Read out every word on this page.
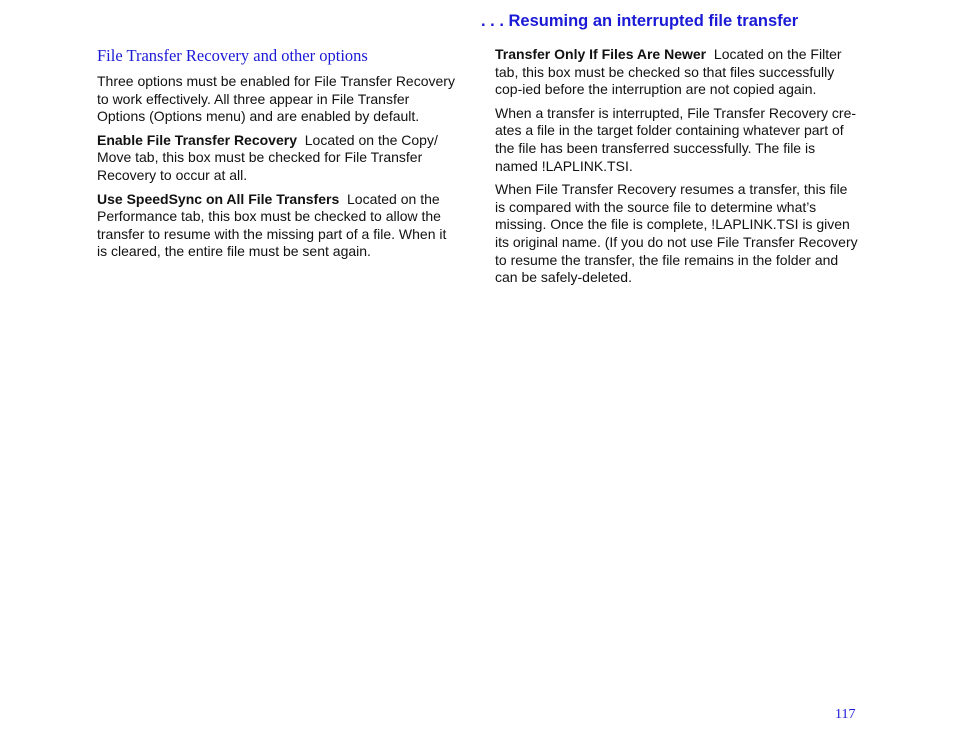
. . . Resuming an interrupted file transfer
File Transfer Recovery and other options

Three options must be enabled for File Transfer Recovery to work effectively. All three appear in File Transfer Options (Options menu) and are enabled by default.

Enable File Transfer Recovery Located on the Copy/ Move tab, this box must be checked for File Transfer Recovery to occur at all.

Use SpeedSync on All File Transfers Located on the Performance tab, this box must be checked to allow the transfer to resume with the missing part of a file. When it is cleared, the entire file must be sent again.

Transfer Only If Files Are Newer Located on the Filter tab, this box must be checked so that files successfully cop-ied before the interruption are not copied again.

When a transfer is interrupted, File Transfer Recovery cre-ates a file in the target folder containing whatever part of the file has been transferred successfully. The file is named !LAPLINK.TSI.

When File Transfer Recovery resumes a transfer, this file is compared with the source file to determine what’s missing. Once the file is complete, !LAPLINK.TSI is given its original name. (If you do not use File Transfer Recovery to resume the transfer, the file remains in the folder and can be safely-deleted.

117
